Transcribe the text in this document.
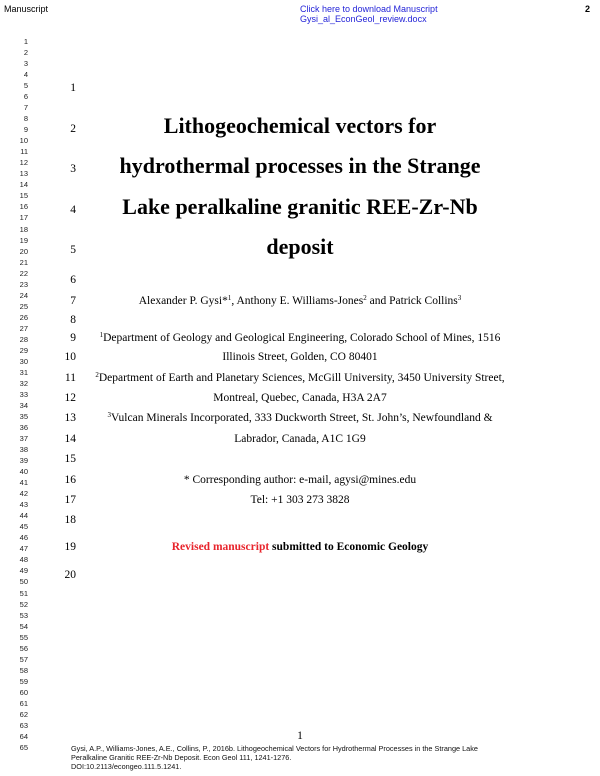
Manuscript	Click here to download Manuscript
Gysi_al_EconGeol_review.docx
2
1
2
3
4
5
6
7
8
9
10
11
12
13
14
15
16
17
18
19
20
21
22
23
24
25
26
27
28
29
30
31
32
33
34
35
36
37
38
39
40
41
42
43
44
45
46
47
48
49
50
51
52
53
54
55
56
57
58
59
60
61
62
63
64
65
1
2
3
4
5
6
7
8
9
10
11
12
13
14
15
16
17
18
19
20
Lithogeochemical vectors for
hydrothermal processes in the Strange
Lake peralkaline granitic REE-Zr-Nb
deposit
Alexander P. Gysi*$^1$, Anthony E. Williams-Jones$^2$ and Patrick Collins$^3$
$^1$Department of Geology and Geological Engineering, Colorado School of Mines, 1516
Illinois Street, Golden, CO 80401
$^2$Department of Earth and Planetary Sciences, McGill University, 3450 University Street,
Montreal, Quebec, Canada, H3A 2A7
$^3$Vulcan Minerals Incorporated, 333 Duckworth Street, St. John’s, Newfoundland &
Labrador, Canada, A1C 1G9
* Corresponding author: e-mail, agysi@mines.edu
Tel: +1 303 273 3828
Revised manuscript submitted to Economic Geology
1
Gysi, A.P., Williams-Jones, A.E., Collins, P., 2016b. Lithogeochemical Vectors for Hydrothermal Processes in the Strange Lake
Peralkaline Granitic REE-Zr-Nb Deposit. Econ Geol 111, 1241-1276.
DOI:10.2113/econgeo.111.5.1241.
